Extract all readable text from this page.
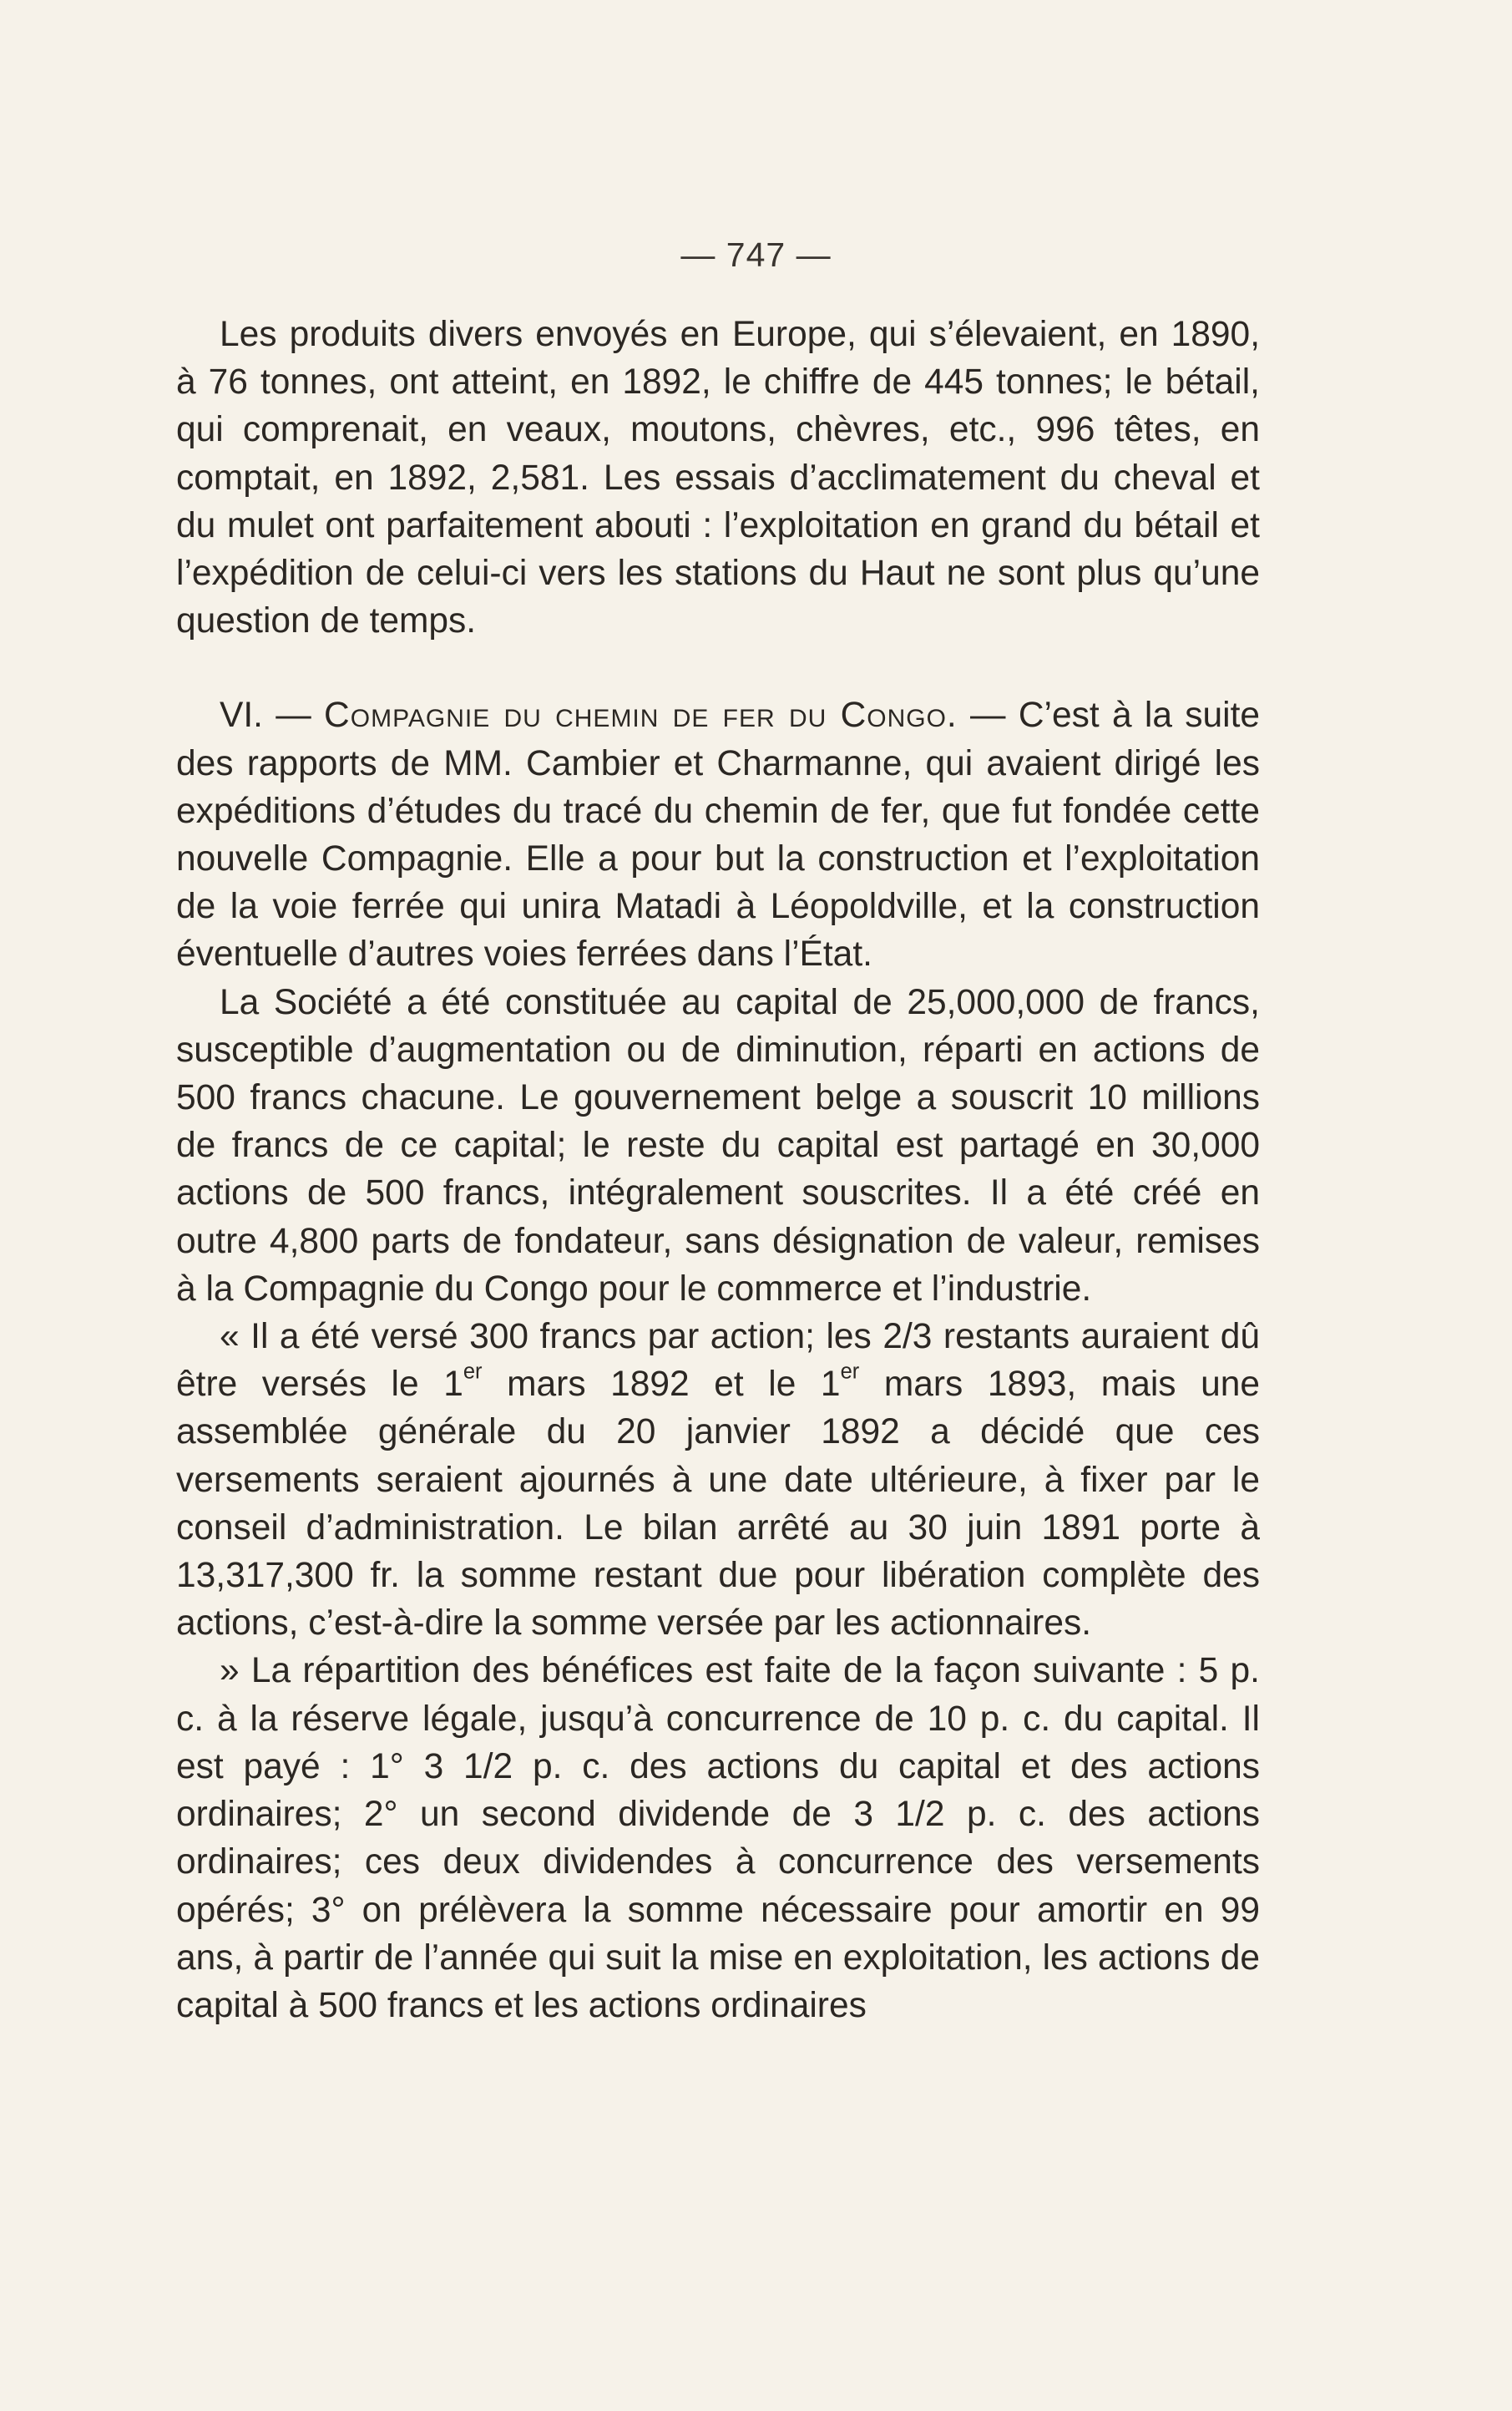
— 747 —

Les produits divers envoyés en Europe, qui s’élevaient, en 1890, à 76 tonnes, ont atteint, en 1892, le chiffre de 445 tonnes; le bétail, qui comprenait, en veaux, moutons, chèvres, etc., 996 têtes, en comptait, en 1892, 2,581. Les essais d’acclimatement du cheval et du mulet ont parfaitement abouti : l’exploitation en grand du bétail et l’expédition de celui-ci vers les stations du Haut ne sont plus qu’une question de temps.

VI. — Compagnie du chemin de fer du Congo. — C’est à la suite des rapports de MM. Cambier et Charmanne, qui avaient dirigé les expéditions d’études du tracé du chemin de fer, que fut fondée cette nouvelle Compagnie. Elle a pour but la construction et l’exploitation de la voie ferrée qui unira Matadi à Léopoldville, et la construction éventuelle d’autres voies ferrées dans l’État.

La Société a été constituée au capital de 25,000,000 de francs, susceptible d’augmentation ou de diminution, réparti en actions de 500 francs chacune. Le gouvernement belge a souscrit 10 millions de francs de ce capital; le reste du capital est partagé en 30,000 actions de 500 francs, intégralement souscrites. Il a été créé en outre 4,800 parts de fondateur, sans désignation de valeur, remises à la Compagnie du Congo pour le commerce et l’industrie.

« Il a été versé 300 francs par action; les 2/3 restants auraient dû être versés le 1er mars 1892 et le 1er mars 1893, mais une assemblée générale du 20 janvier 1892 a décidé que ces versements seraient ajournés à une date ultérieure, à fixer par le conseil d’administration. Le bilan arrêté au 30 juin 1891 porte à 13,317,300 fr. la somme restant due pour libération complète des actions, c’est-à-dire la somme versée par les actionnaires.

» La répartition des bénéfices est faite de la façon suivante : 5 p. c. à la réserve légale, jusqu’à concurrence de 10 p. c. du capital. Il est payé : 1° 3 1/2 p. c. des actions du capital et des actions ordinaires; 2° un second dividende de 3 1/2 p. c. des actions ordinaires; ces deux dividendes à concurrence des versements opérés; 3° on prélèvera la somme nécessaire pour amortir en 99 ans, à partir de l’année qui suit la mise en exploitation, les actions de capital à 500 francs et les actions ordinaires
